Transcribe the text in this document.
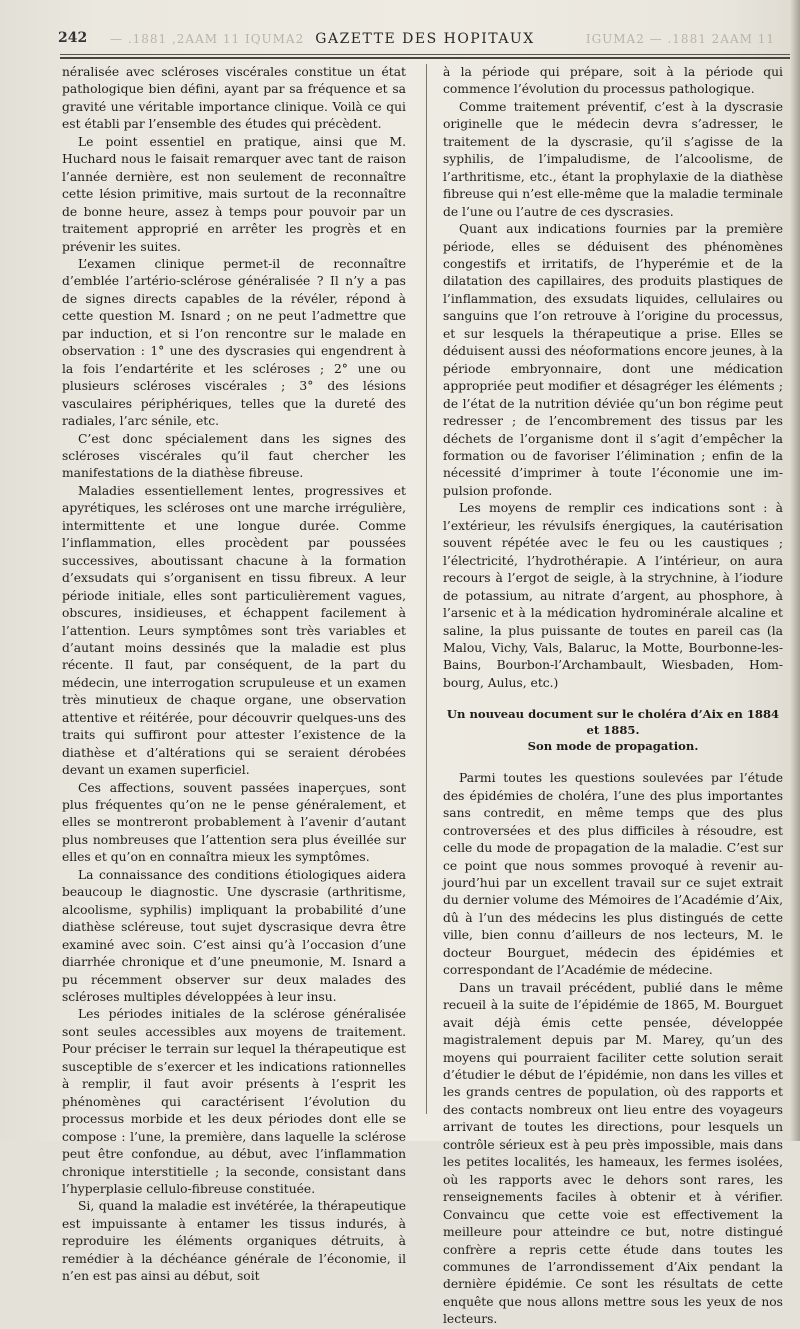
242 — .1881 ,2AAM 11 IQUMA2 GAZETTE DES HOPITAUX	IGUMA2 — .1881 2AAM 11

néralisée avec scléroses viscérales constitue un état pathologique bien défini, ayant par sa fréquence et sa gravité une véritable importance clinique. Voilà ce qui est établi par l’ensemble des études qui précèdent.

Le point essentiel en pratique, ainsi que M. Huchard nous le faisait remarquer avec tant de raison l’année dernière, est non seulement de reconnaître cette lésion primitive, mais surtout de la reconnaître de bonne heure, assez à temps pour pouvoir par un traitement approprié en arrêter les progrès et en prévenir les suites.

L’examen clinique permet-il de reconnaître d’emblée l’artério-sclérose généralisée ? Il n’y a pas de signes directs capables de la révéler, répond à cette question M. Isnard ; on ne peut l’admettre que par induction, et si l’on rencontre sur le malade en observation : 1° une des dyscrasies qui engendrent à la fois l’endartérite et les scléroses ; 2° une ou plusieurs scléroses viscérales ; 3° des lésions vasculaires périphériques, telles que la dureté des radiales, l’arc sénile, etc.

C’est donc spécialement dans les signes des scléroses viscérales qu’il faut chercher les manifestations de la diathèse fibreuse.

Maladies essentiellement lentes, progressives et apyrétiques, les scléroses ont une marche irrégulière, intermittente et une longue durée. Comme l’inflammation, elles procèdent par poussées successives, aboutissant chacune à la formation d’exsudats qui s’organisent en tissu fibreux. A leur période initiale, elles sont particulièrement vagues, obscures, insidieuses, et échappent facilement à l’attention. Leurs symptômes sont très variables et d’autant moins dessinés que la maladie est plus récente. Il faut, par conséquent, de la part du médecin, une interrogation scrupuleuse et un examen très minutieux de chaque organe, une observation attentive et réitérée, pour découvrir quelques-uns des traits qui suffiront pour attester l’existence de la diathèse et d’altérations qui se seraient dérobées devant un examen superficiel.

Ces affections, souvent passées inaperçues, sont plus fréquentes qu’on ne le pense généralement, et elles se montreront probablement à l’avenir d’autant plus nombreuses que l’attention sera plus éveillée sur elles et qu’on en connaîtra mieux les symptômes.

La connaissance des conditions étiologiques aidera beaucoup le diagnostic. Une dyscrasie (arthritisme, alcoolisme, syphilis) impliquant la probabilité d’une diathèse scléreuse, tout sujet dyscrasique devra être examiné avec soin. C’est ainsi qu’à l’occasion d’une diarrhée chronique et d’une pneumonie, M. Isnard a pu récemment observer sur deux malades des scléroses multiples développées à leur insu.

Les périodes initiales de la sclérose généralisée sont seules accessibles aux moyens de traitement. Pour préciser le terrain sur lequel la thérapeutique est susceptible de s’exercer et les indications rationnelles à remplir, il faut avoir présents à l’esprit les phénomènes qui caractérisent l’évolution du processus morbide et les deux périodes dont elle se compose : l’une, la première, dans laquelle la sclérose peut être confondue, au début, avec l’inflammation chronique interstitielle ; la seconde, consistant dans l’hyperplasie cellulo-fibreuse constituée.

Si, quand la maladie est invétérée, la thérapeutique est impuissante à entamer les tissus indurés, à reproduire les éléments organiques détruits, à remédier à la déchéance générale de l’économie, il n’en est pas ainsi au début, soit

à la période qui prépare, soit à la période qui commence l’évolution du processus pathologique.

Comme traitement préventif, c’est à la dyscrasie originelle que le médecin devra s’adresser, le traitement de la dyscrasie, qu’il s’agisse de la syphilis, de l’impaludisme, de l’alcoolisme, de l’arthritisme, etc., étant la prophylaxie de la diathèse fibreuse qui n’est elle-même que la maladie terminale de l’une ou l’autre de ces dyscrasies.

Quant aux indications fournies par la première période, elles se déduisent des phénomènes congestifs et irritatifs, de l’hyperémie et de la dilatation des capillaires, des produits plastiques de l’inflammation, des exsudats liquides, cellulaires ou sanguins que l’on retrouve à l’origine du processus, et sur lesquels la thérapeutique a prise. Elles se déduisent aussi des néoformations encore jeunes, à la période embryonnaire, dont une médication appropriée peut modifier et désagréger les éléments ; de l’état de la nutrition déviée qu’un bon régime peut redresser ; de l’encombrement des tissus par les déchets de l’organisme dont il s’agit d’empêcher la formation ou de favoriser l’élimination ; enfin de la nécessité d’imprimer à toute l’économie une impulsion profonde.

Les moyens de remplir ces indications sont : à l’extérieur, les révulsifs énergiques, la cautérisation souvent répétée avec le feu ou les caustiques ; l’électricité, l’hydrothérapie. A l’intérieur, on aura recours à l’ergot de seigle, à la strychnine, à l’iodure de potassium, au nitrate d’argent, au phosphore, à l’arsenic et à la médication hydrominérale alcaline et saline, la plus puissante de toutes en pareil cas (la Malou, Vichy, Vals, Balaruc, la Motte, Bourbonne-les-Bains, Bourbon-l’Archambault, Wiesbaden, Hombourg, Aulus, etc.)

Un nouveau document sur le choléra d’Aix en 1884 et 1885.
Son mode de propagation.

Parmi toutes les questions soulevées par l’étude des épidémies de choléra, l’une des plus importantes sans contredit, en même temps que des plus controversées et des plus difficiles à résoudre, est celle du mode de propagation de la maladie. C’est sur ce point que nous sommes provoqué à revenir aujourd’hui par un excellent travail sur ce sujet extrait du dernier volume des Mémoires de l’Académie d’Aix, dû à l’un des médecins les plus distingués de cette ville, bien connu d’ailleurs de nos lecteurs, M. le docteur Bourguet, médecin des épidémies et correspondant de l’Académie de médecine.

Dans un travail précédent, publié dans le même recueil à la suite de l’épidémie de 1865, M. Bourguet avait déjà émis cette pensée, développée magistralement depuis par M. Marey, qu’un des moyens qui pourraient faciliter cette solution serait d’étudier le début de l’épidémie, non dans les villes et les grands centres de population, où des rapports et des contacts nombreux ont lieu entre des voyageurs arrivant de toutes les directions, pour lesquels un contrôle sérieux est à peu près impossible, mais dans les petites localités, les hameaux, les fermes isolées, où les rapports avec le dehors sont rares, les renseignements faciles à obtenir et à vérifier. Convaincu que cette voie est effectivement la meilleure pour atteindre ce but, notre distingué confrère a repris cette étude dans toutes les communes de l’arrondissement d’Aix pendant la dernière épidémie. Ce sont les résultats de cette enquête que nous allons mettre sous les yeux de nos lecteurs.
